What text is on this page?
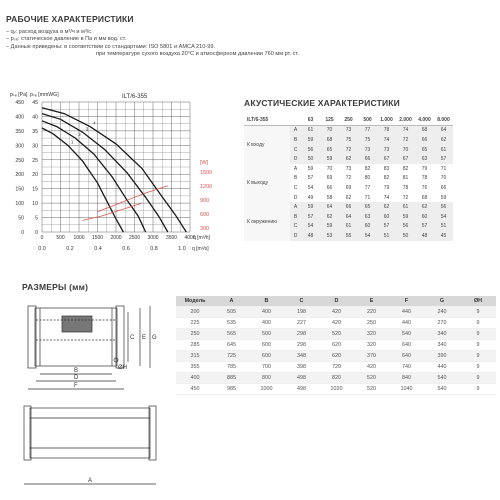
РАБОЧИЕ ХАРАКТЕРИСТИКИ
– qᵥ: расход воздуха в м³/ч и м³/с.
– pₛₑ: статическое давление в Па и мм вод. ст.
– Данные приведены: в соответствии со стандартами: ISO 5801 и AMCA 210-99.
при температуре сухого воздуха 20°C и атмосферном давлении 760 мм рт. ст.
450 45
400 40
350 35
300 30
250 25
200 20
150 15
100 10
50 5
0 0
pₛₑ [Pa] pₛₑ [mmWG]	ILT/6-355
0	500 1000 1500 2000 2500 3000 3500 4000
q [m³/h]
0.0	0.2	0.4	0.6	0.8	1.0 q [m³/s]
[W]
1500
1200
900
600
300
1
2
3
4
АКУСТИЧЕСКИЕ ХАРАКТЕРИСТИКИ
ILT/6-355		63	125	250	500	1.000	2.000	4.000	8.000
К входу	A	61	70	73	77	78	74	68	64
	B	59	68	75	75	74	72	66	62
	C	56	65	72	73	73	70	65	61
	D	50	59	62	66	67	67	63	57
К выходу	A	59	70	73	82	83	82	79	71
	B	57	69	72	80	82	81	78	70
	C	54	66	69	77	79	78	76	66
	D	49	58	62	71	74	72	68	59
К окружению	A	59	64	66	65	62	61	62	56
	B	57	62	64	63	60	59	60	54
	C	54	59	61	60	57	56	57	51
	D	48	53	55	54	51	50	48	45
РАЗМЕРЫ (мм)
B
D
F
C E G
ØH
A
Модель	A	B	C	D	E	F	G	ØH
200	505	400	198	420	220	440	240	9
225	535	400	227	420	250	440	270	9
250	565	500	298	520	320	540	340	9
285	645	600	298	620	320	640	340	9
315	725	600	348	620	370	640	390	9
355	785	700	398	720	420	740	440	9
400	885	800	498	820	520	840	540	9
450	985	1000	498	1020	520	1040	540	9
